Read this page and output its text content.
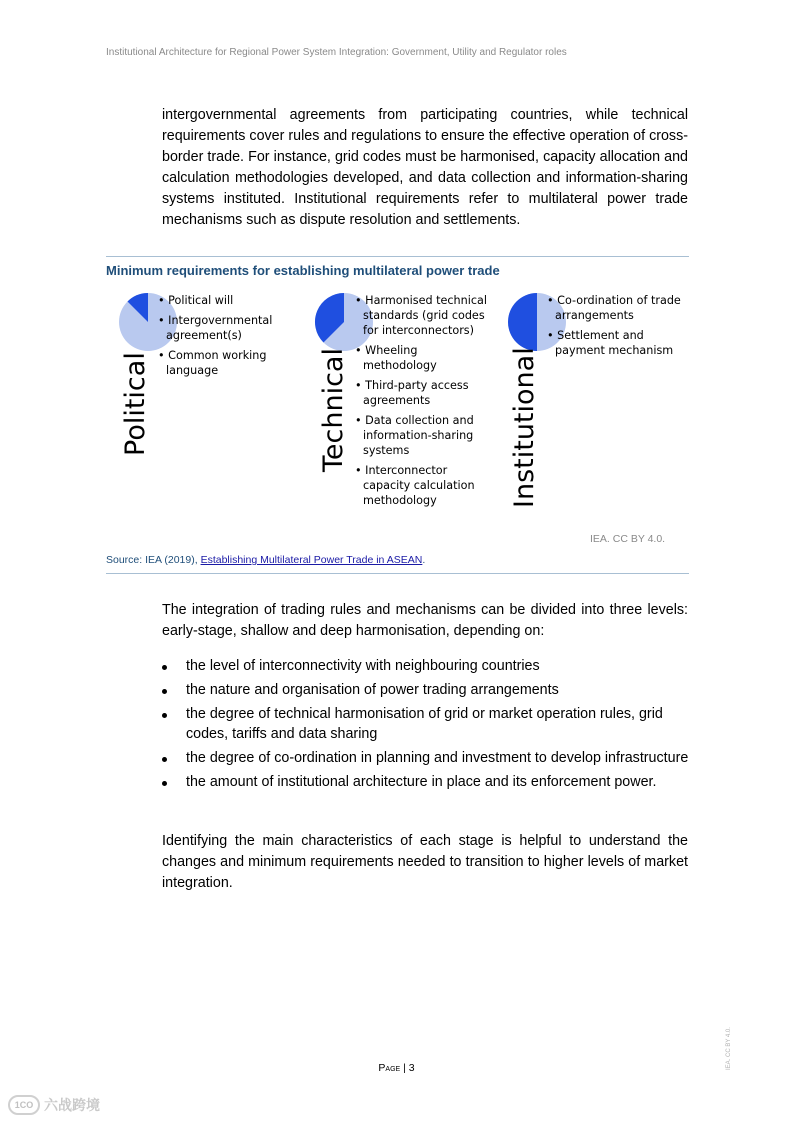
Institutional Architecture for Regional Power System Integration: Government, Utility and Regulator roles

intergovernmental agreements from participating countries, while technical requirements cover rules and regulations to ensure the effective operation of cross-border trade. For instance, grid codes must be harmonised, capacity allocation and calculation methodologies developed, and data collection and information-sharing systems instituted. Institutional requirements refer to multilateral power trade mechanisms such as dispute resolution and settlements.

Minimum requirements for establishing multilateral power trade
Political
• Political will
• Intergovernmental agreement(s)
• Common working language	Technical
• Harmonised technical standards (grid codes for interconnectors)
• Wheeling methodology
• Third-party access agreements
• Data collection and information-sharing systems
• Interconnector capacity calculation methodology	Institutional
• Co-ordination of trade arrangements
• Settlement and payment mechanism
IEA. CC BY 4.0.
Source: IEA (2019), Establishing Multilateral Power Trade in ASEAN.

The integration of trading rules and mechanisms can be divided into three levels: early-stage, shallow and deep harmonisation, depending on:

the level of interconnectivity with neighbouring countries
the nature and organisation of power trading arrangements
the degree of technical harmonisation of grid or market operation rules, grid codes, tariffs and data sharing
the degree of co-ordination in planning and investment to develop infrastructure
the amount of institutional architecture in place and its enforcement power.

Identifying the main characteristics of each stage is helpful to understand the changes and minimum requirements needed to transition to higher levels of market integration.

Page | 3	IEA. CC BY 4.0.
1CO 六战跨境
